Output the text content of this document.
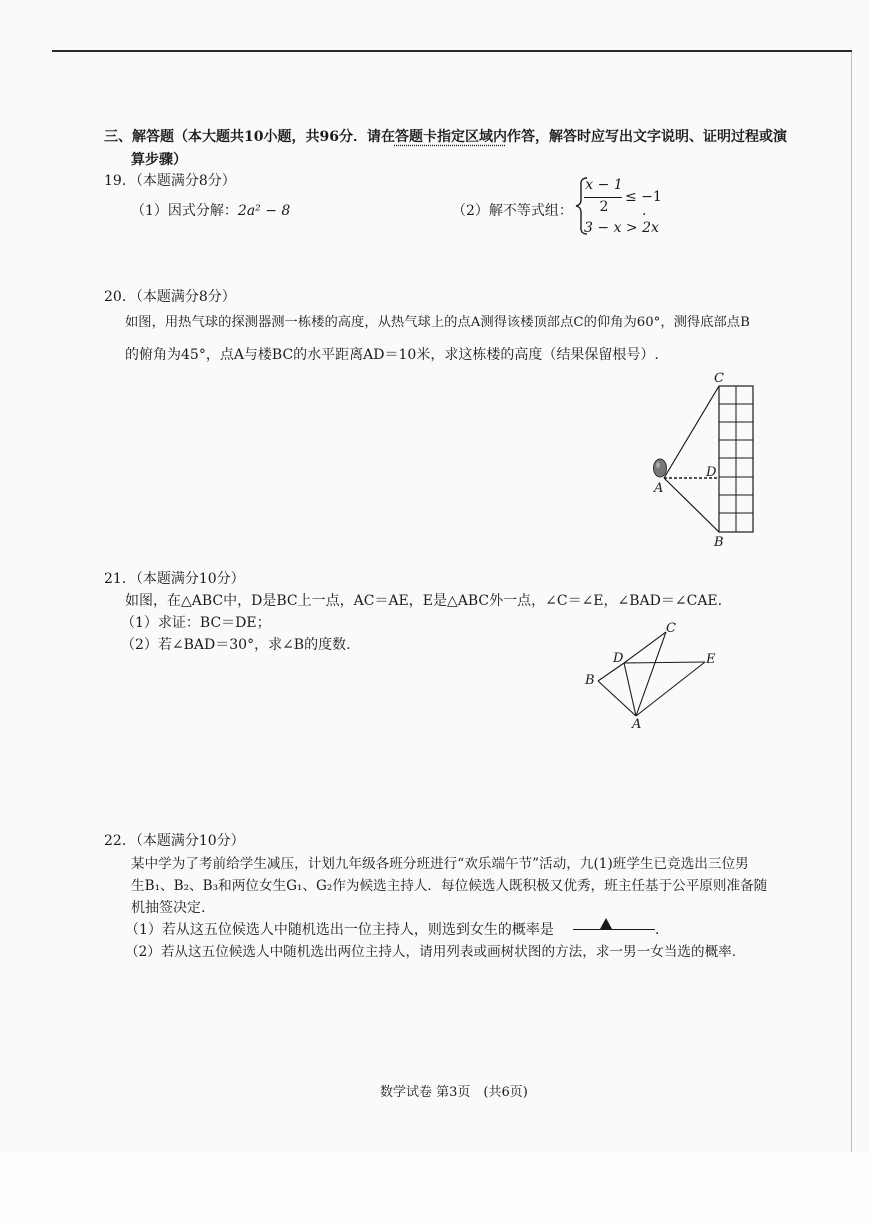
三、解答题（本大题共10小题，共96分．请在答题卡指定区域内作答，解答时应写出文字说明、证明过程或演
算步骤）
19．（本题满分8分）
（1）因式分解：2a² − 8	（2）解不等式组：
x − 1
2
≤ −1
3 − x > 2x
.
20．（本题满分8分）
如图，用热气球的探测器测一栋楼的高度，从热气球上的点A测得该楼顶部点C的仰角为60°，测得底部点B
的俯角为45°，点A与楼BC的水平距离AD＝10米，求这栋楼的高度（结果保留根号）.
C
D
A
B
21．（本题满分10分）
如图，在△ABC中，D是BC上一点，AC＝AE，E是△ABC外一点，∠C＝∠E，∠BAD＝∠CAE.
（1）求证：BC＝DE；
（2）若∠BAD＝30°，求∠B的度数.
C
D	E
B
A
22．（本题满分10分）
某中学为了考前给学生减压，计划九年级各班分班进行“欢乐端午节”活动，九(1)班学生已竞选出三位男
生B₁、B₂、B₃和两位女生G₁、G₂作为候选主持人．每位候选人既积极又优秀，班主任基于公平原则准备随
机抽签决定.
（1）若从这五位候选人中随机选出一位主持人，则选到女生的概率是	.
（2）若从这五位候选人中随机选出两位主持人，请用列表或画树状图的方法，求一男一女当选的概率.
数学试卷 第3页　(共6页)
